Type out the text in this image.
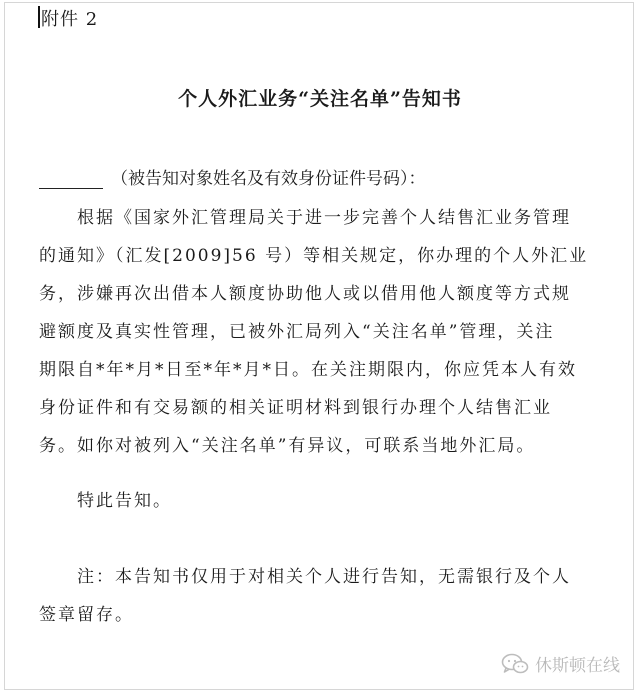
附件 2
个人外汇业务“关注名单”告知书
（被告知对象姓名及有效身份证件号码）：
根据《国家外汇管理局关于进一步完善个人结售汇业务管理
的通知》（汇发[2009]56 号）等相关规定，你办理的个人外汇业
务，涉嫌再次出借本人额度协助他人或以借用他人额度等方式规
避额度及真实性管理，已被外汇局列入“关注名单”管理，关注
期限自*年*月*日至*年*月*日。在关注期限内，你应凭本人有效
身份证件和有交易额的相关证明材料到银行办理个人结售汇业
务。如你对被列入“关注名单”有异议，可联系当地外汇局。
特此告知。
注：本告知书仅用于对相关个人进行告知，无需银行及个人
签章留存。
休斯顿在线
